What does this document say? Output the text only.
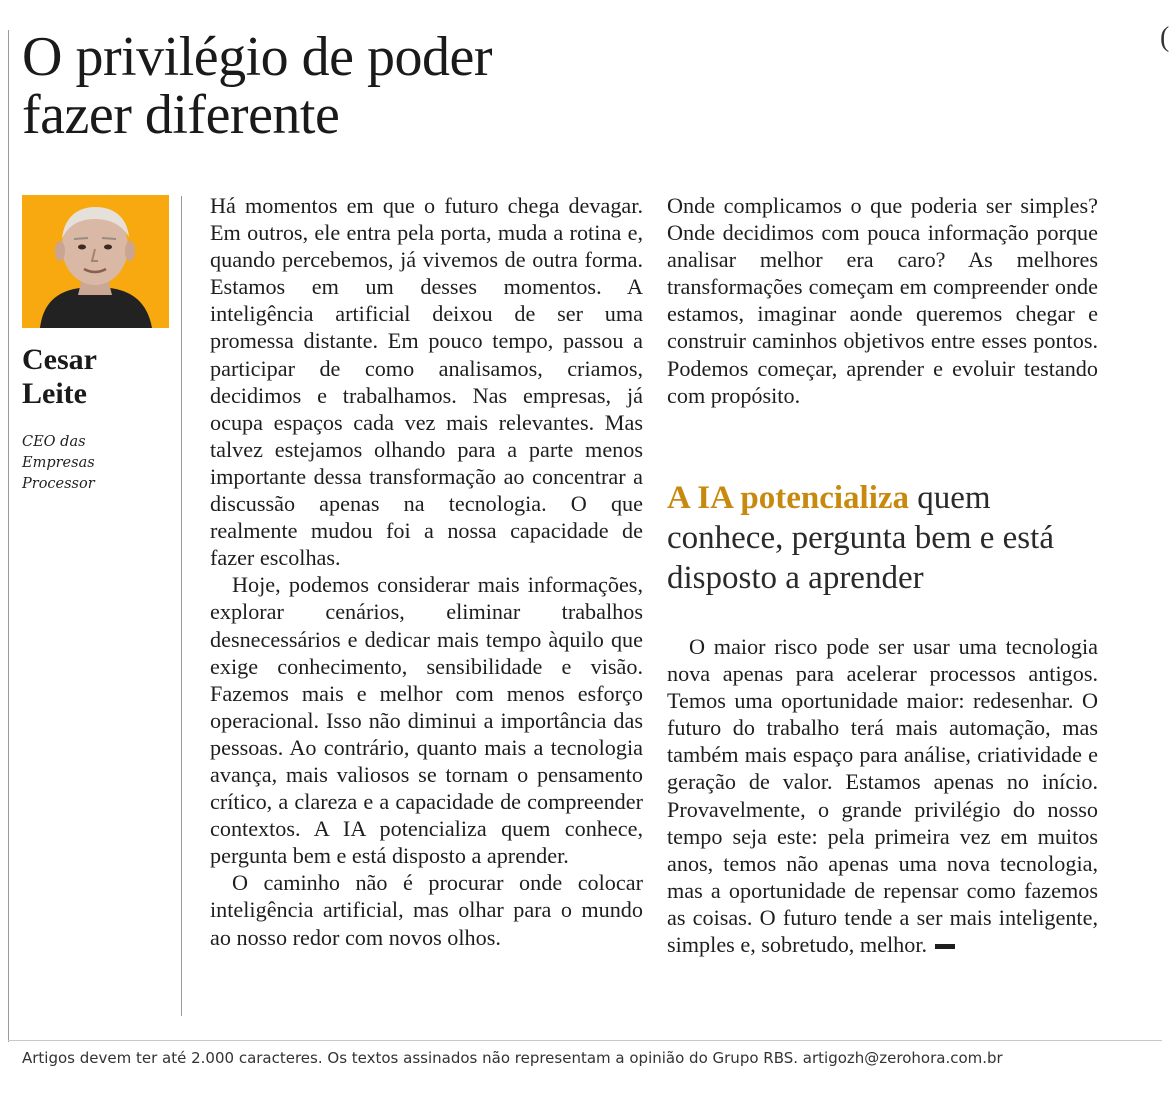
(
O privilégio de poder
fazer diferente
Cesar
Leite
CEO das
Empresas
Processor

Há momentos em que o futuro chega devagar. Em outros, ele entra pela porta, muda a rotina e, quando percebemos, já vivemos de outra forma. Estamos em um desses momentos. A inteligência artificial deixou de ser uma promessa distante. Em pouco tempo, passou a participar de como analisamos, criamos, decidimos e trabalhamos. Nas empresas, já ocupa espaços cada vez mais relevantes. Mas talvez estejamos olhando para a parte menos importante dessa transformação ao concentrar a discussão apenas na tecnologia. O que realmente mudou foi a nossa capacidade de fazer escolhas.

Hoje, podemos considerar mais informações, explorar cenários, eliminar trabalhos desnecessários e dedicar mais tempo àquilo que exige conhecimento, sensibilidade e visão. Fazemos mais e melhor com menos esforço operacional. Isso não diminui a importância das pessoas. Ao contrário, quanto mais a tecnologia avança, mais valiosos se tornam o pensamento crítico, a clareza e a capacidade de compreender contextos. A IA potencializa quem conhece, pergunta bem e está disposto a aprender.

O caminho não é procurar onde colocar inteligência artificial, mas olhar para o mundo ao nosso redor com novos olhos.

Onde complicamos o que poderia ser simples? Onde decidimos com pouca informação porque analisar melhor era caro? As melhores transformações começam em compreender onde estamos, imaginar aonde queremos chegar e construir caminhos objetivos entre esses pontos. Podemos começar, aprender e evoluir testando com propósito.

A IA potencializa quem conhece, pergunta bem e está disposto a aprender

O maior risco pode ser usar uma tecnologia nova apenas para acelerar processos antigos. Temos uma oportunidade maior: redesenhar. O futuro do trabalho terá mais automação, mas também mais espaço para análise, criatividade e geração de valor. Estamos apenas no início. Provavelmente, o grande privilégio do nosso tempo seja este: pela primeira vez em muitos anos, temos não apenas uma nova tecnologia, mas a oportunidade de repensar como fazemos as coisas. O futuro tende a ser mais inteligente, simples e, sobretudo, melhor.

Artigos devem ter até 2.000 caracteres. Os textos assinados não representam a opinião do Grupo RBS. artigozh@zerohora.com.br
